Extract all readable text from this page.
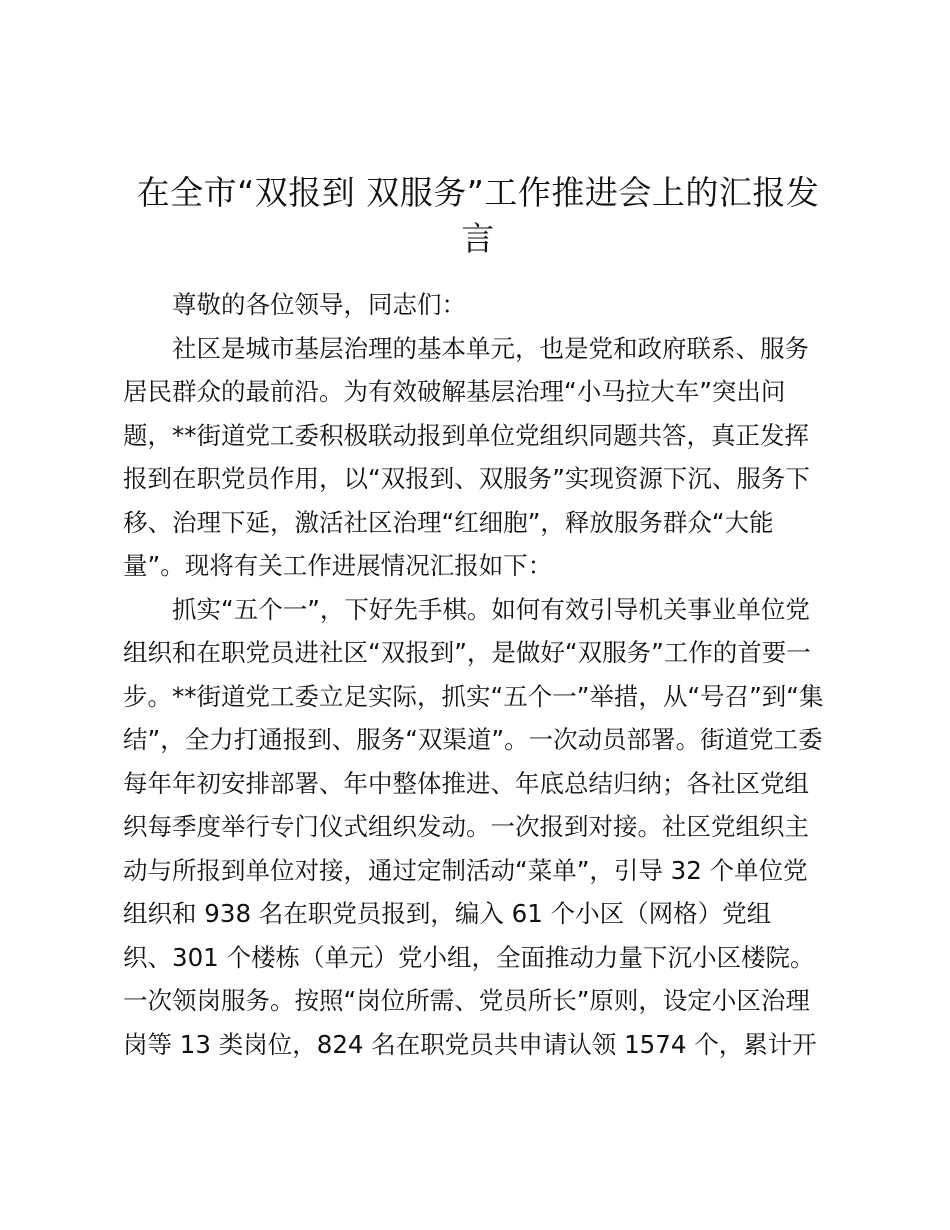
在全市“双报到 双服务”工作推进会上的汇报发
言
尊敬的各位领导，同志们：
社区是城市基层治理的基本单元，也是党和政府联系、服务
居民群众的最前沿。为有效破解基层治理“小马拉大车”突出问
题，**街道党工委积极联动报到单位党组织同题共答，真正发挥
报到在职党员作用，以“双报到、双服务”实现资源下沉、服务下
移、治理下延，激活社区治理“红细胞”，释放服务群众“大能
量”。现将有关工作进展情况汇报如下：
抓实“五个一”，下好先手棋。如何有效引导机关事业单位党
组织和在职党员进社区“双报到”，是做好“双服务”工作的首要一
步。**街道党工委立足实际，抓实“五个一”举措，从“号召”到“集
结”，全力打通报到、服务“双渠道”。一次动员部署。街道党工委
每年年初安排部署、年中整体推进、年底总结归纳；各社区党组
织每季度举行专门仪式组织发动。一次报到对接。社区党组织主
动与所报到单位对接，通过定制活动“菜单”，引导 32 个单位党
组织和 938 名在职党员报到，编入 61 个小区（网格）党组
织、301 个楼栋（单元）党小组，全面推动力量下沉小区楼院。
一次领岗服务。按照“岗位所需、党员所长”原则，设定小区治理
岗等 13 类岗位，824 名在职党员共申请认领 1574 个，累计开
